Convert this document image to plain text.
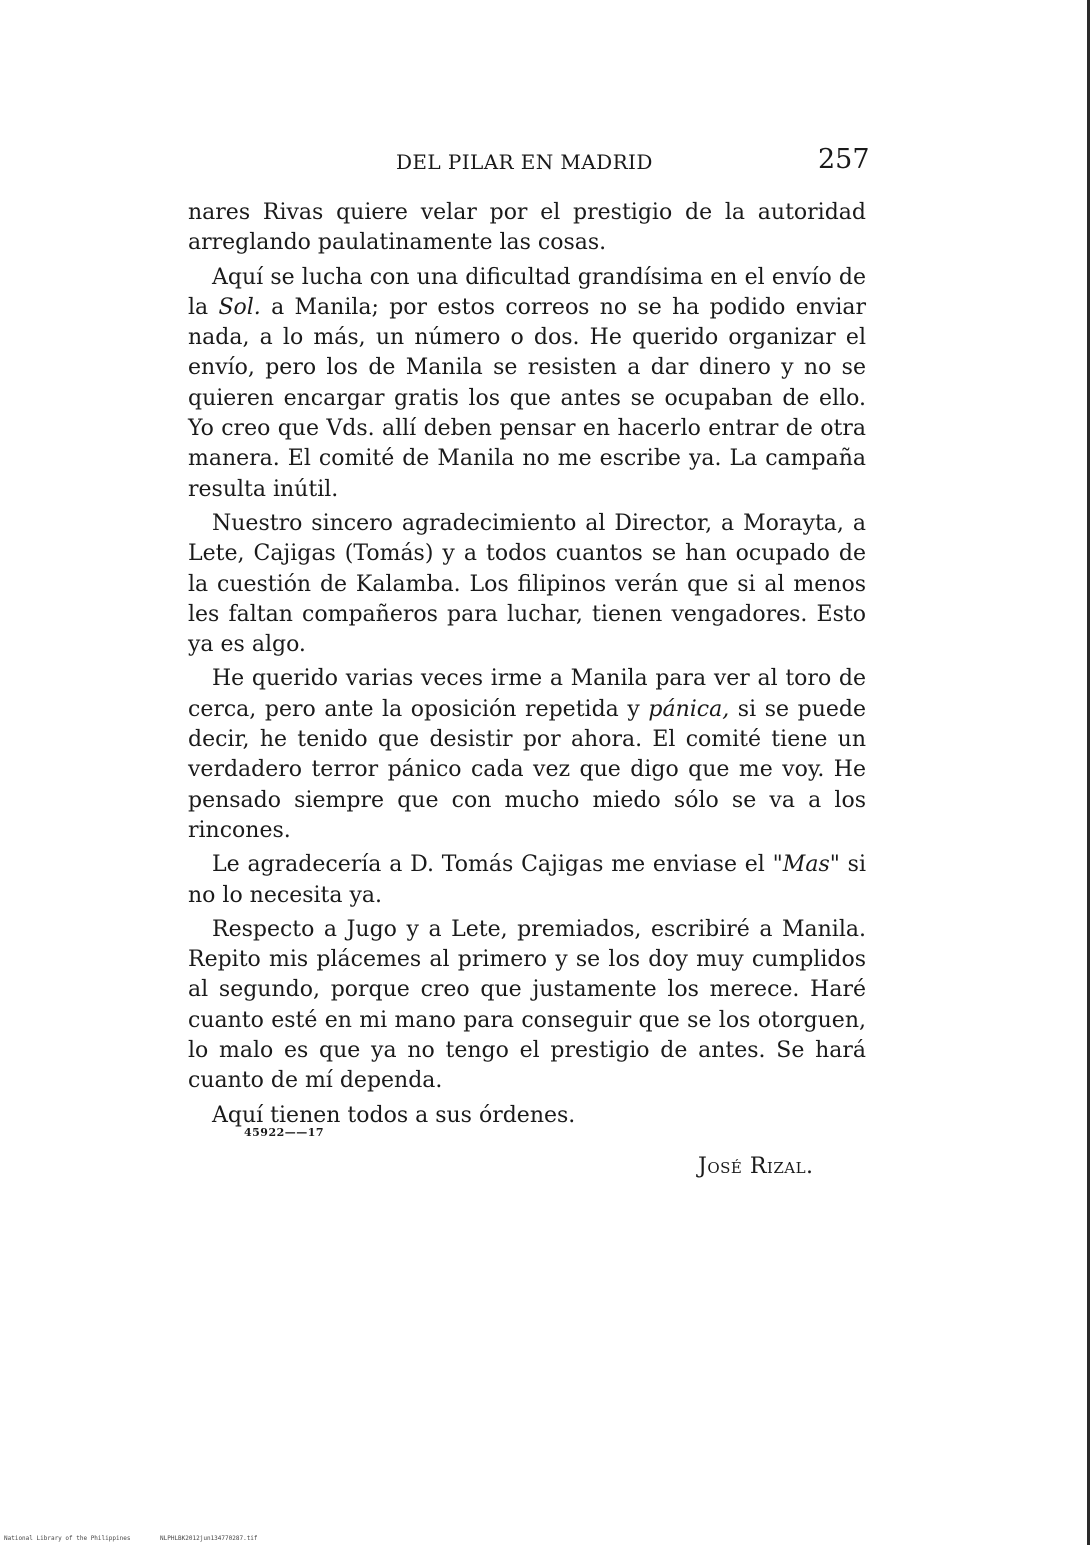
DEL PILAR EN MADRID	257

nares Rivas quiere velar por el prestigio de la autoridad arreglando paulatinamente las cosas.

Aquí se lucha con una dificultad grandísima en el envío de la Sol. a Manila; por estos correos no se ha podido enviar nada, a lo más, un número o dos. He querido organizar el envío, pero los de Manila se resisten a dar dinero y no se quieren encargar gratis los que antes se ocupaban de ello. Yo creo que Vds. allí deben pensar en hacerlo entrar de otra manera. El comité de Manila no me escribe ya. La campaña resulta inútil.

Nuestro sincero agradecimiento al Director, a Morayta, a Lete, Cajigas (Tomás) y a todos cuantos se han ocupado de la cuestión de Kalamba. Los filipinos verán que si al menos les faltan compañeros para luchar, tienen vengadores. Esto ya es algo.

He querido varias veces irme a Manila para ver al toro de cerca, pero ante la oposición repetida y pánica, si se puede decir, he tenido que desistir por ahora. El comité tiene un verdadero terror pánico cada vez que digo que me voy. He pensado siempre que con mucho miedo sólo se va a los rincones.

Le agradecería a D. Tomás Cajigas me enviase el "Mas" si no lo necesita ya.

Respecto a Jugo y a Lete, premiados, escribiré a Manila. Repito mis plácemes al primero y se los doy muy cumplidos al segundo, porque creo que justamente los merece. Haré cuanto esté en mi mano para conseguir que se los otorguen, lo malo es que ya no tengo el prestigio de antes. Se hará cuanto de mí dependa.

Aquí tienen todos a sus órdenes.

45922——17
José Rizal.
National Library of the Philippines	NLPHLBK2012jun134770287.tif
